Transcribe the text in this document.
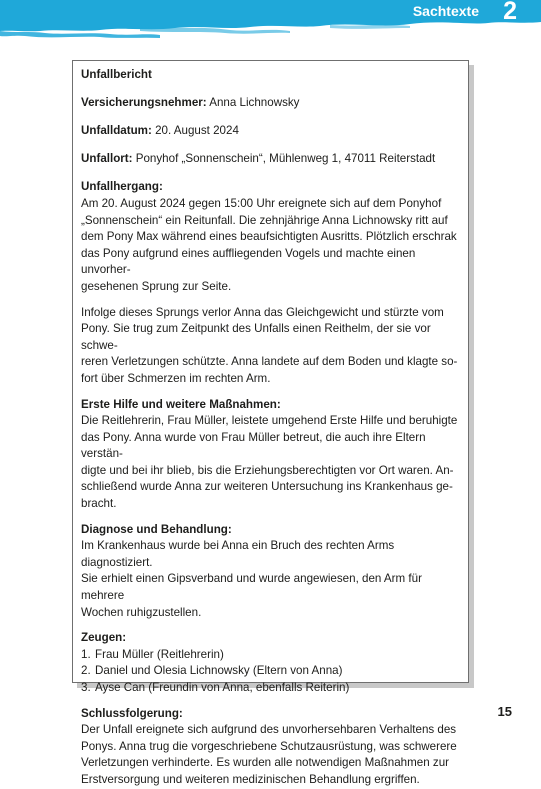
Sachtexte 2

Unfallbericht

Versicherungsnehmer: Anna Lichnowsky

Unfalldatum: 20. August 2024

Unfallort: Ponyhof „Sonnenschein“, Mühlenweg 1, 47011 Reiterstadt

Unfallhergang:

Am 20. August 2024 gegen 15:00 Uhr ereignete sich auf dem Ponyhof
„Sonnenschein“ ein Reitunfall. Die zehnjährige Anna Lichnowsky ritt auf
dem Pony Max während eines beaufsichtigten Ausritts. Plötzlich erschrak
das Pony aufgrund eines auffliegenden Vogels und machte einen unvorher-
gesehenen Sprung zur Seite.
Infolge dieses Sprungs verlor Anna das Gleichgewicht und stürzte vom
Pony. Sie trug zum Zeitpunkt des Unfalls einen Reithelm, der sie vor schwe-
reren Verletzungen schützte. Anna landete auf dem Boden und klagte so-
fort über Schmerzen im rechten Arm.

Erste Hilfe und weitere Maßnahmen:

Die Reitlehrerin, Frau Müller, leistete umgehend Erste Hilfe und beruhigte
das Pony. Anna wurde von Frau Müller betreut, die auch ihre Eltern verstän-
digte und bei ihr blieb, bis die Erziehungsberechtigten vor Ort waren. An-
schließend wurde Anna zur weiteren Untersuchung ins Krankenhaus ge-
bracht.

Diagnose und Behandlung:

Im Krankenhaus wurde bei Anna ein Bruch des rechten Arms diagnostiziert.
Sie erhielt einen Gipsverband und wurde angewiesen, den Arm für mehrere
Wochen ruhigzustellen.

Zeugen:

1. Frau Müller (Reitlehrerin)
2. Daniel und Olesia Lichnowsky (Eltern von Anna)
3. Ayse Can (Freundin von Anna, ebenfalls Reiterin)

Schlussfolgerung:

Der Unfall ereignete sich aufgrund des unvorhersehbaren Verhaltens des
Ponys. Anna trug die vorgeschriebene Schutzausrüstung, was schwerere
Verletzungen verhinderte. Es wurden alle notwendigen Maßnahmen zur
Erstversorgung und weiteren medizinischen Behandlung ergriffen.
15
